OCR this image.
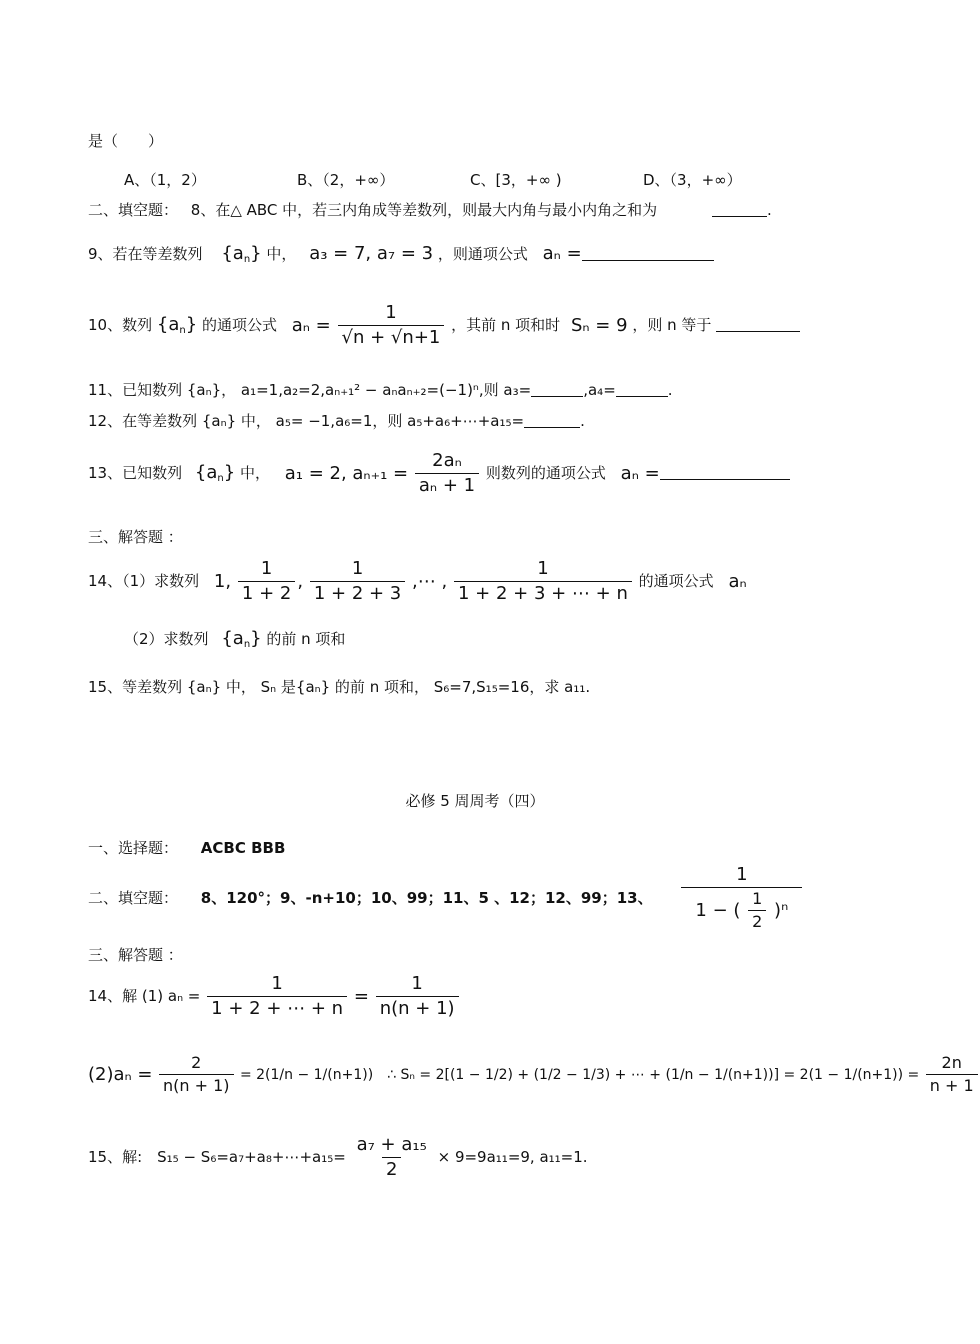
是（　　）
A、（1，2）	B、（2，+∞）	C、[3，+∞ )	D、（3，+∞）
二、填空题： 8、在△ ABC 中，若三内角成等差数列，则最大内角与最小内角之和为	.
9、若在等差数列 $\{a_n\}$ 中， a₃ = 7, a₇ = 3 ，则通项公式 aₙ =
10、数列 $\{a_n\}$ 的通项公式 $a_n = \frac{1}{√n + √n+1}$ ，其前 n 项和时 Sₙ = 9 ，则 n 等于
11、已知数列 {aₙ}， a₁=1,a₂=2,aₙ₊₁² − aₙaₙ₊₂=(−1)ⁿ,则 a₃=	,a₄=	.
12、在等差数列 {aₙ} 中， a₅= −1,a₆=1，则 a₅+a₆+⋯+a₁₅=	.
13、已知数列 $\{a_n\}$ 中， a₁ = 2, $a_{n+1} = \frac{\text{2aₙ}}{\text{aₙ + 1}}$ 则数列的通项公式 aₙ =
三、解答题 ：
14、（1）求数列 1, $\frac{1}{1 + 2}$ , $\frac{1}{1 + 2 + 3}$ ,⋯ , $\frac{1}{1 + 2 + 3 + \cdots + n}$ 的通项公式 aₙ
（2）求数列 $\{a_n\}$ 的前 n 项和
15、等差数列 {aₙ} 中， Sₙ 是{aₙ} 的前 n 项和， S₆=7,S₁₅=16，求 a₁₁.
必修 5 周周考（四）
一、选择题： ACBC BBB
二、填空题： 8、120°；9、-n+10；10、99；11、5 、12；12、99；13、 $\frac{1}{1 - ( \frac{1}{2} )^n}$
三、解答题 ：
14、解 (1) $a_n = \frac{1}{1 + 2 + \cdots + n} = \frac{1}{n(n + 1)}$
$(2)a_n = \frac{2}{n(n + 1)} = 2(1/n - 1/(n+1))$　∴ Sₙ = 2[(1 − 1/2) + (1/2 − 1/3) + ⋯ + $(1/n - 1/(n+1))] = 2(1 - 1/(n+1)) = \frac{2n}{n + 1}$
15、解:　S₁₅ − S₆=a₇+a₈+⋯+a₁₅= $\frac{\text{a₇ + a₁₅}}{2} \times 9=9a_{11}=9$, a₁₁=1.
